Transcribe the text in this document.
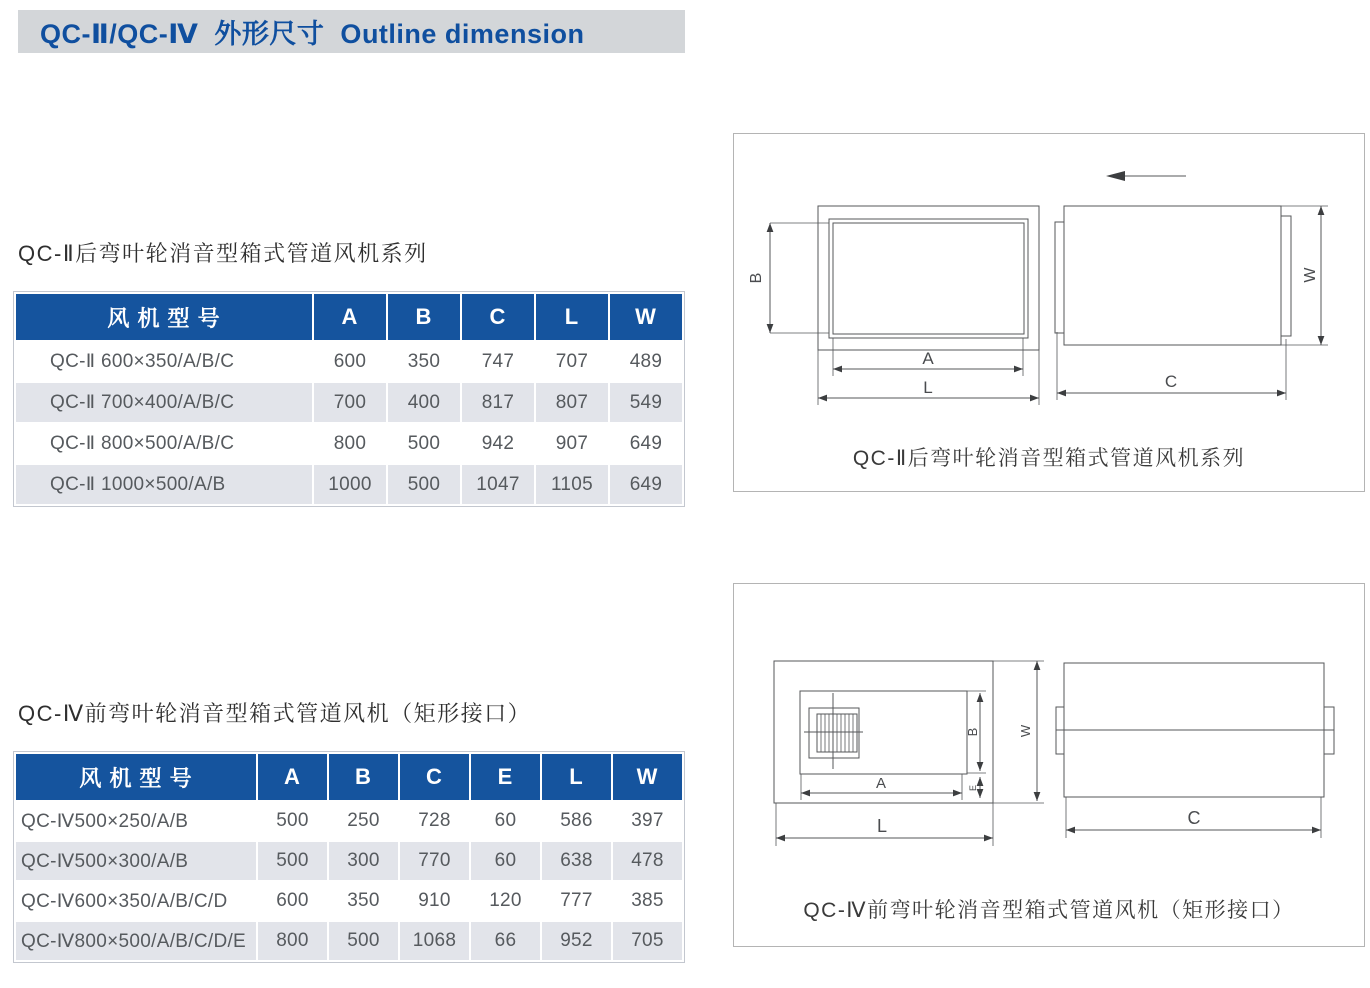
QC-Ⅱ/QC-Ⅳ  外形尺寸  Outline dimension
QC-Ⅱ后弯叶轮消音型箱式管道风机系列
风 机 型 号	A	B	C	L	W
QC-Ⅱ 600×350/A/B/C	600	350	747	707	489
QC-Ⅱ 700×400/A/B/C	700	400	817	807	549
QC-Ⅱ 800×500/A/B/C	800	500	942	907	649
QC-Ⅱ 1000×500/A/B	1000	500	1047	1105	649
QC-Ⅳ前弯叶轮消音型箱式管道风机（矩形接口）
风 机 型 号	A	B	C	E	L	W
QC-Ⅳ500×250/A/B	500	250	728	60	586	397
QC-Ⅳ500×300/A/B	500	300	770	60	638	478
QC-Ⅳ600×350/A/B/C/D	600	350	910	120	777	385
QC-Ⅳ800×500/A/B/C/D/E	800	500	1068	66	952	705
B
A
L
W
C
QC-Ⅱ后弯叶轮消音型箱式管道风机系列
A
B
E
W
L	C
QC-Ⅳ前弯叶轮消音型箱式管道风机（矩形接口）
